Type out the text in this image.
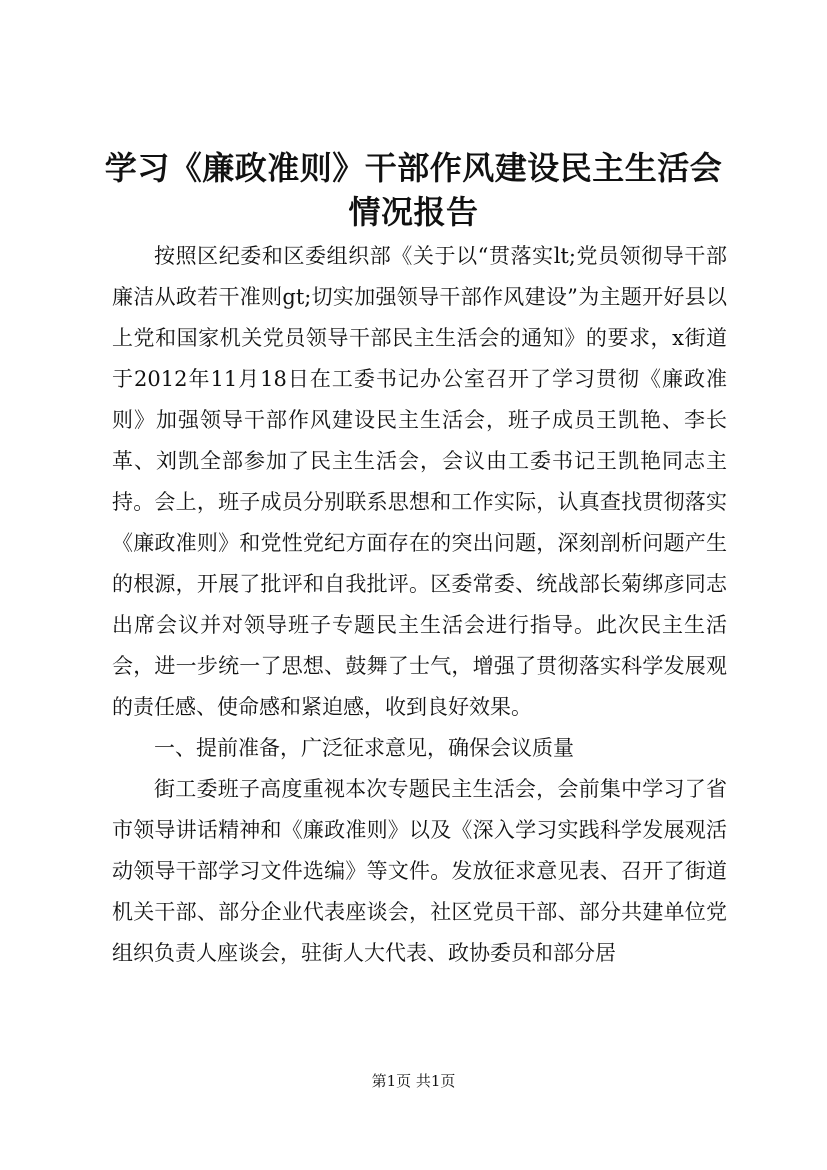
学习《廉政准则》干部作风建设民主生活会情况报告

按照区纪委和区委组织部《关于以“贯落实lt;党员领彻导干部廉洁从政若干准则gt;切实加强领导干部作风建设”为主题开好县以上党和国家机关党员领导干部民主生活会的通知》的要求，x街道于2012年11月18日在工委书记办公室召开了学习贯彻《廉政准则》加强领导干部作风建设民主生活会，班子成员王凯艳、李长革、刘凯全部参加了民主生活会，会议由工委书记王凯艳同志主持。会上，班子成员分别联系思想和工作实际，认真查找贯彻落实《廉政准则》和党性党纪方面存在的突出问题，深刻剖析问题产生的根源，开展了批评和自我批评。区委常委、统战部长菊绑彦同志出席会议并对领导班子专题民主生活会进行指导。此次民主生活会，进一步统一了思想、鼓舞了士气，增强了贯彻落实科学发展观的责任感、使命感和紧迫感，收到良好效果。

一、提前准备，广泛征求意见，确保会议质量

街工委班子高度重视本次专题民主生活会，会前集中学习了省市领导讲话精神和《廉政准则》以及《深入学习实践科学发展观活动领导干部学习文件选编》等文件。发放征求意见表、召开了街道机关干部、部分企业代表座谈会，社区党员干部、部分共建单位党组织负责人座谈会，驻街人大代表、政协委员和部分居

第1页 共1页
